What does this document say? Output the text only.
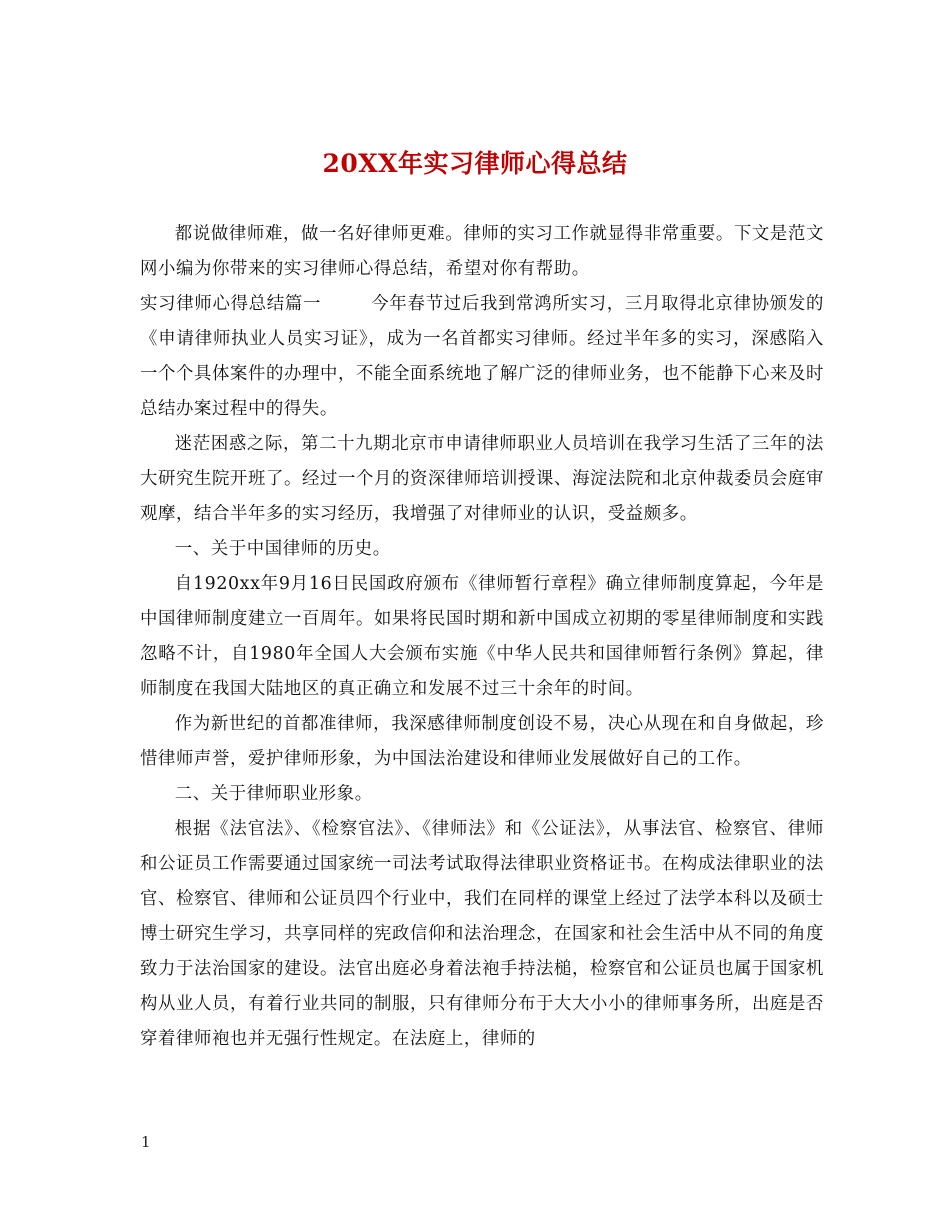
20XX年实习律师心得总结

都说做律师难，做一名好律师更难。律师的实习工作就显得非常重要。下文是范文网小编为你带来的实习律师心得总结，希望对你有帮助。

实习律师心得总结篇一	今年春节过后我到常鸿所实习，三月取得北京律协颁发的《申请律师执业人员实习证》，成为一名首都实习律师。经过半年多的实习，深感陷入一个个具体案件的办理中，不能全面系统地了解广泛的律师业务，也不能静下心来及时总结办案过程中的得失。

迷茫困惑之际，第二十九期北京市申请律师职业人员培训在我学习生活了三年的法大研究生院开班了。经过一个月的资深律师培训授课、海淀法院和北京仲裁委员会庭审观摩，结合半年多的实习经历，我增强了对律师业的认识，受益颇多。

一、关于中国律师的历史。

自1920xx年9月16日民国政府颁布《律师暂行章程》确立律师制度算起，今年是中国律师制度建立一百周年。如果将民国时期和新中国成立初期的零星律师制度和实践忽略不计，自1980年全国人大会颁布实施《中华人民共和国律师暂行条例》算起，律师制度在我国大陆地区的真正确立和发展不过三十余年的时间。

作为新世纪的首都准律师，我深感律师制度创设不易，决心从现在和自身做起，珍惜律师声誉，爱护律师形象，为中国法治建设和律师业发展做好自己的工作。

二、关于律师职业形象。

根据《法官法》、《检察官法》、《律师法》和《公证法》，从事法官、检察官、律师和公证员工作需要通过国家统一司法考试取得法律职业资格证书。在构成法律职业的法官、检察官、律师和公证员四个行业中，我们在同样的课堂上经过了法学本科以及硕士博士研究生学习，共享同样的宪政信仰和法治理念，在国家和社会生活中从不同的角度致力于法治国家的建设。法官出庭必身着法袍手持法槌，检察官和公证员也属于国家机构从业人员，有着行业共同的制服，只有律师分布于大大小小的律师事务所，出庭是否穿着律师袍也并无强行性规定。在法庭上，律师的

1
